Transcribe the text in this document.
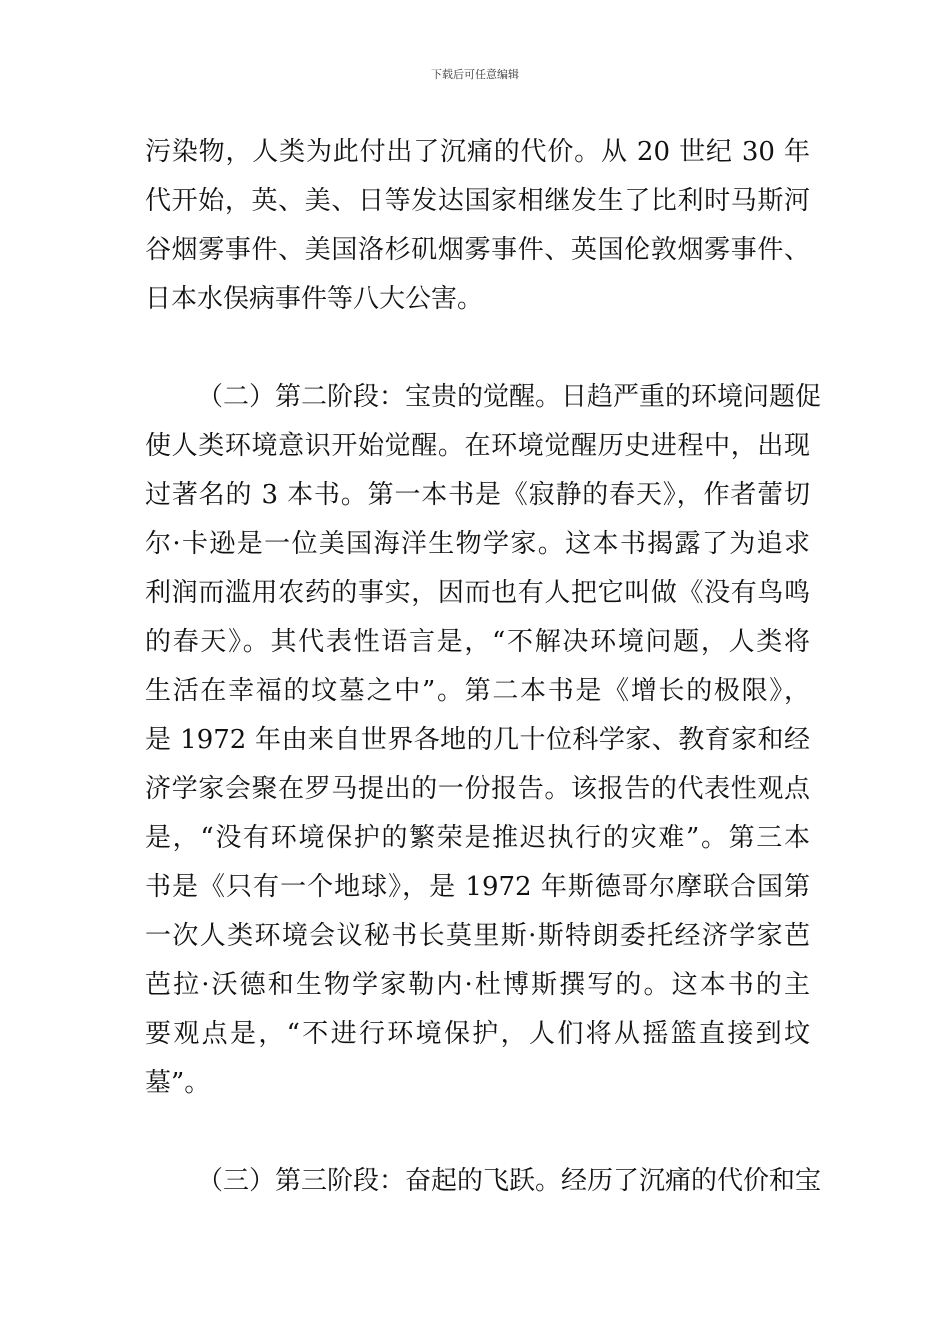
下载后可任意编辑
污染物，人类为此付出了沉痛的代价。从 20 世纪 30 年
代开始，英、美、日等发达国家相继发生了比利时马斯河
谷烟雾事件、美国洛杉矶烟雾事件、英国伦敦烟雾事件、
日本水俣病事件等八大公害。
（二）第二阶段：宝贵的觉醒。日趋严重的环境问题促
使人类环境意识开始觉醒。在环境觉醒历史进程中，出现
过著名的 3 本书。第一本书是《寂静的春天》，作者蕾切
尔·卡逊是一位美国海洋生物学家。这本书揭露了为追求
利润而滥用农药的事实，因而也有人把它叫做《没有鸟鸣
的春天》。其代表性语言是，“不解决环境问题，人类将
生活在幸福的坟墓之中”。第二本书是《增长的极限》，
是 1972 年由来自世界各地的几十位科学家、教育家和经
济学家会聚在罗马提出的一份报告。该报告的代表性观点
是，“没有环境保护的繁荣是推迟执行的灾难”。第三本
书是《只有一个地球》，是 1972 年斯德哥尔摩联合国第
一次人类环境会议秘书长莫里斯·斯特朗委托经济学家芭
芭拉·沃德和生物学家勒内·杜博斯撰写的。这本书的主
要观点是，“不进行环境保护，人们将从摇篮直接到坟
墓”。
（三）第三阶段：奋起的飞跃。经历了沉痛的代价和宝
